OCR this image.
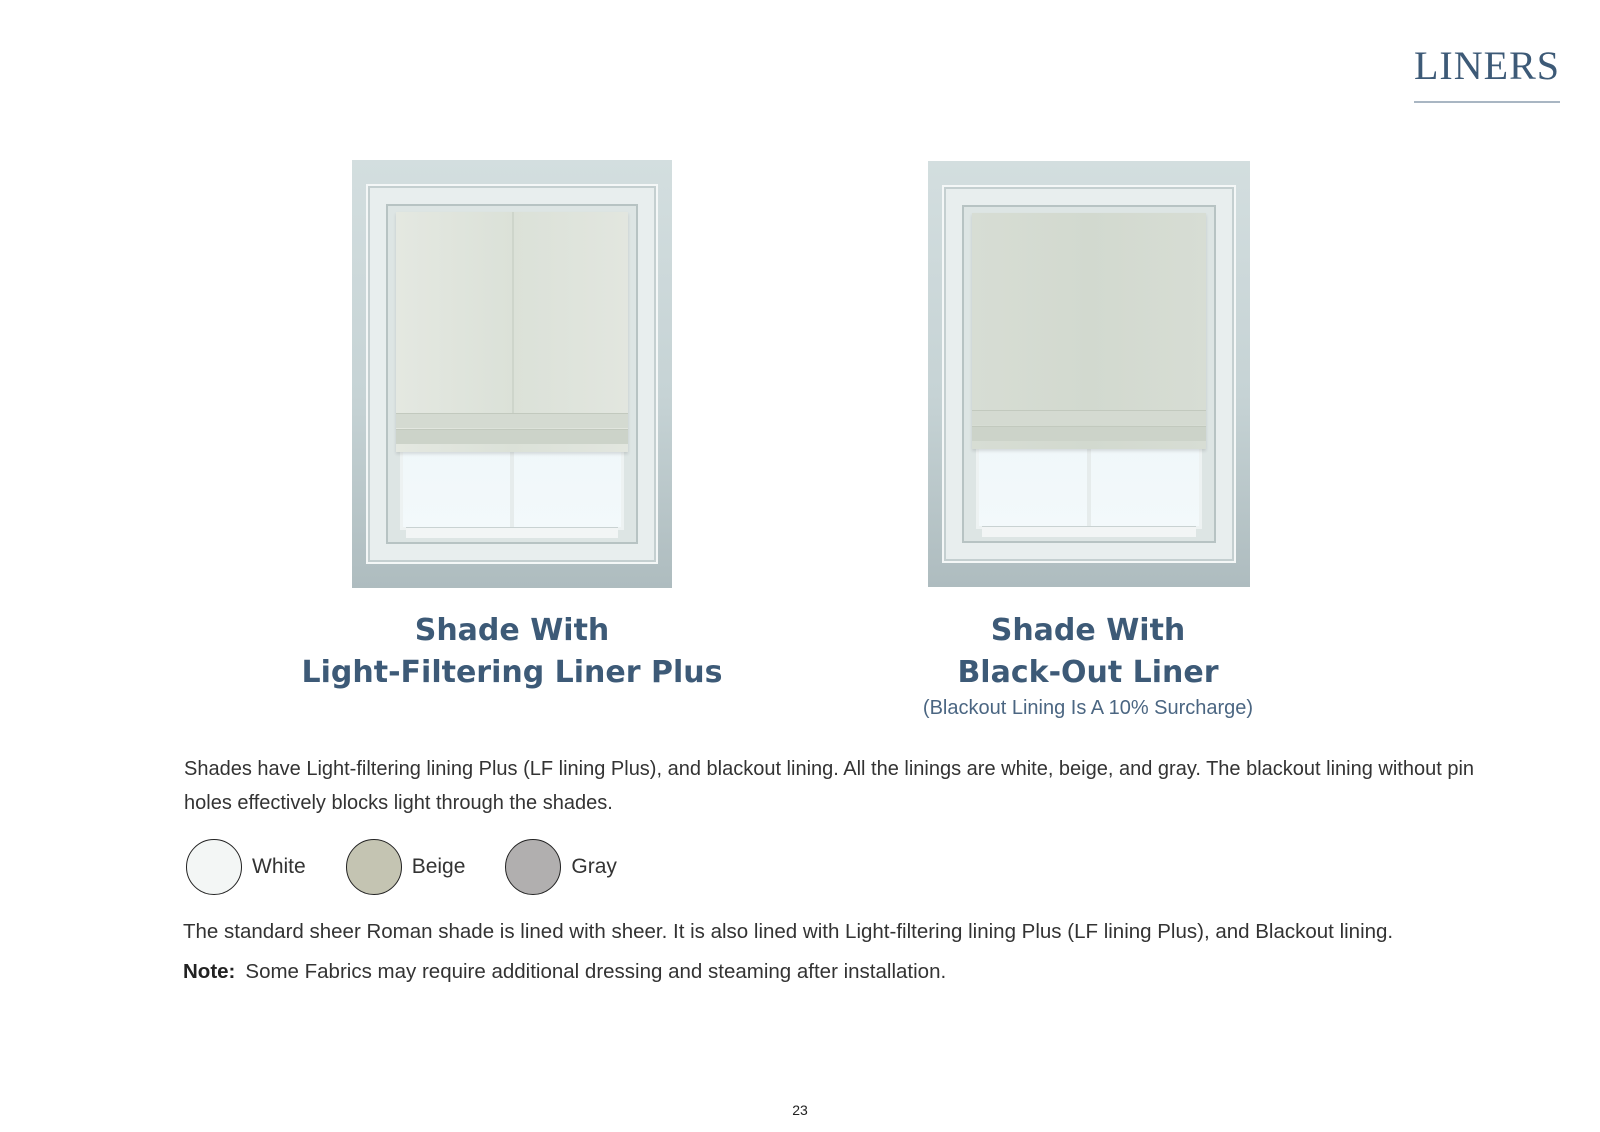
LINERS
Shade With
Light-Filtering Liner Plus
Shade With
Black-Out Liner
(Blackout Lining Is A 10% Surcharge)
Shades have Light-filtering lining Plus (LF lining Plus), and blackout lining. All the linings are white, beige, and gray. The blackout lining without pin holes effectively blocks light through the shades.
White	Beige	Gray
The standard sheer Roman shade is lined with sheer. It is also lined with Light-filtering lining Plus (LF lining Plus), and Blackout lining.
Note: Some Fabrics may require additional dressing and steaming after installation.
23
